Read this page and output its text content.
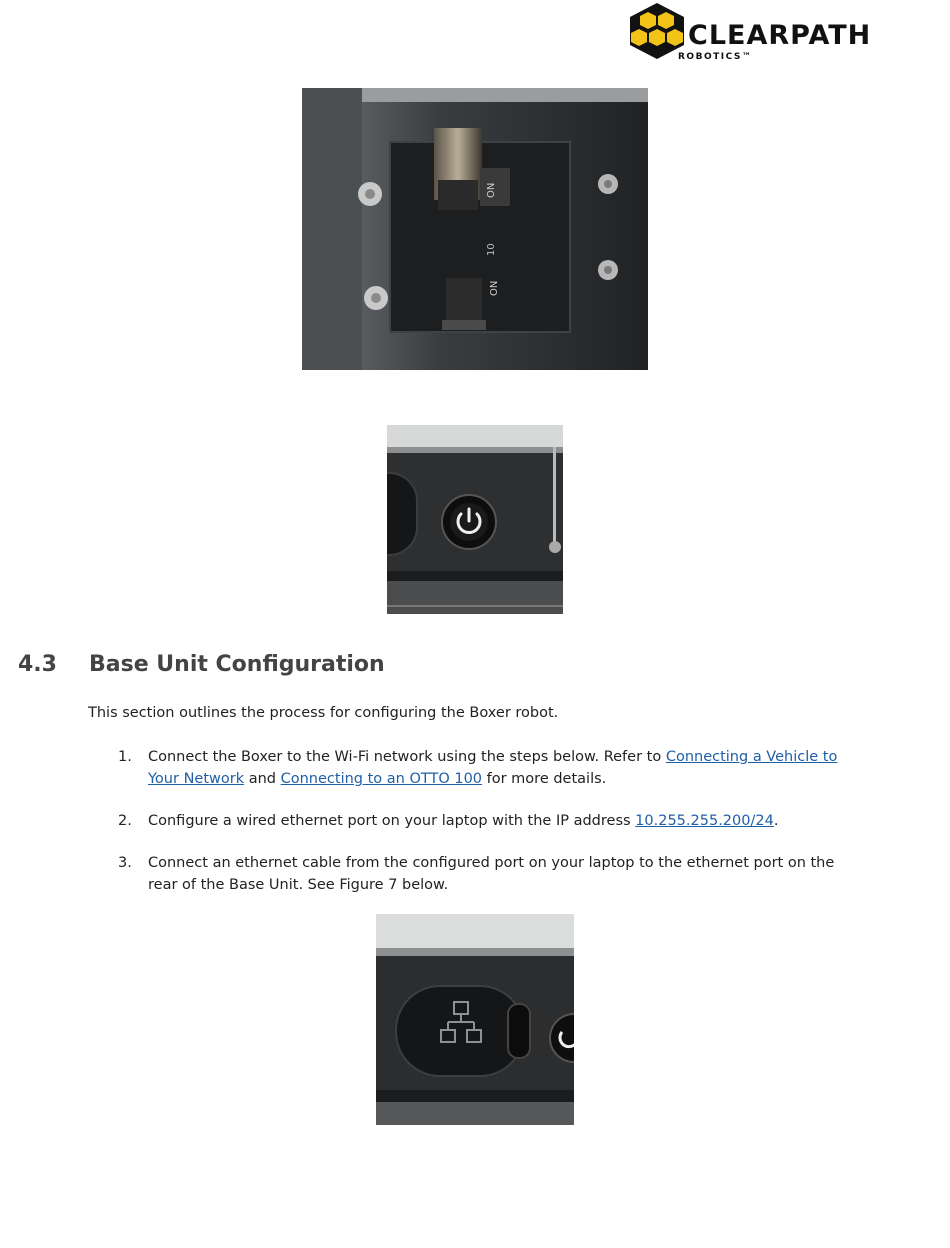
CLEARPATH
ROBOTICS™
ON
10
ON
4.3 Base Unit Configuration
This section outlines the process for configuring the Boxer robot.
1. Connect the Boxer to the Wi-Fi network using the steps below. Refer to Connecting a Vehicle to Your Network and Connecting to an OTTO 100 for more details.
2. Configure a wired ethernet port on your laptop with the IP address 10.255.255.200/24.
3. Connect an ethernet cable from the configured port on your laptop to the ethernet port on the rear of the Base Unit. See Figure 7 below.
